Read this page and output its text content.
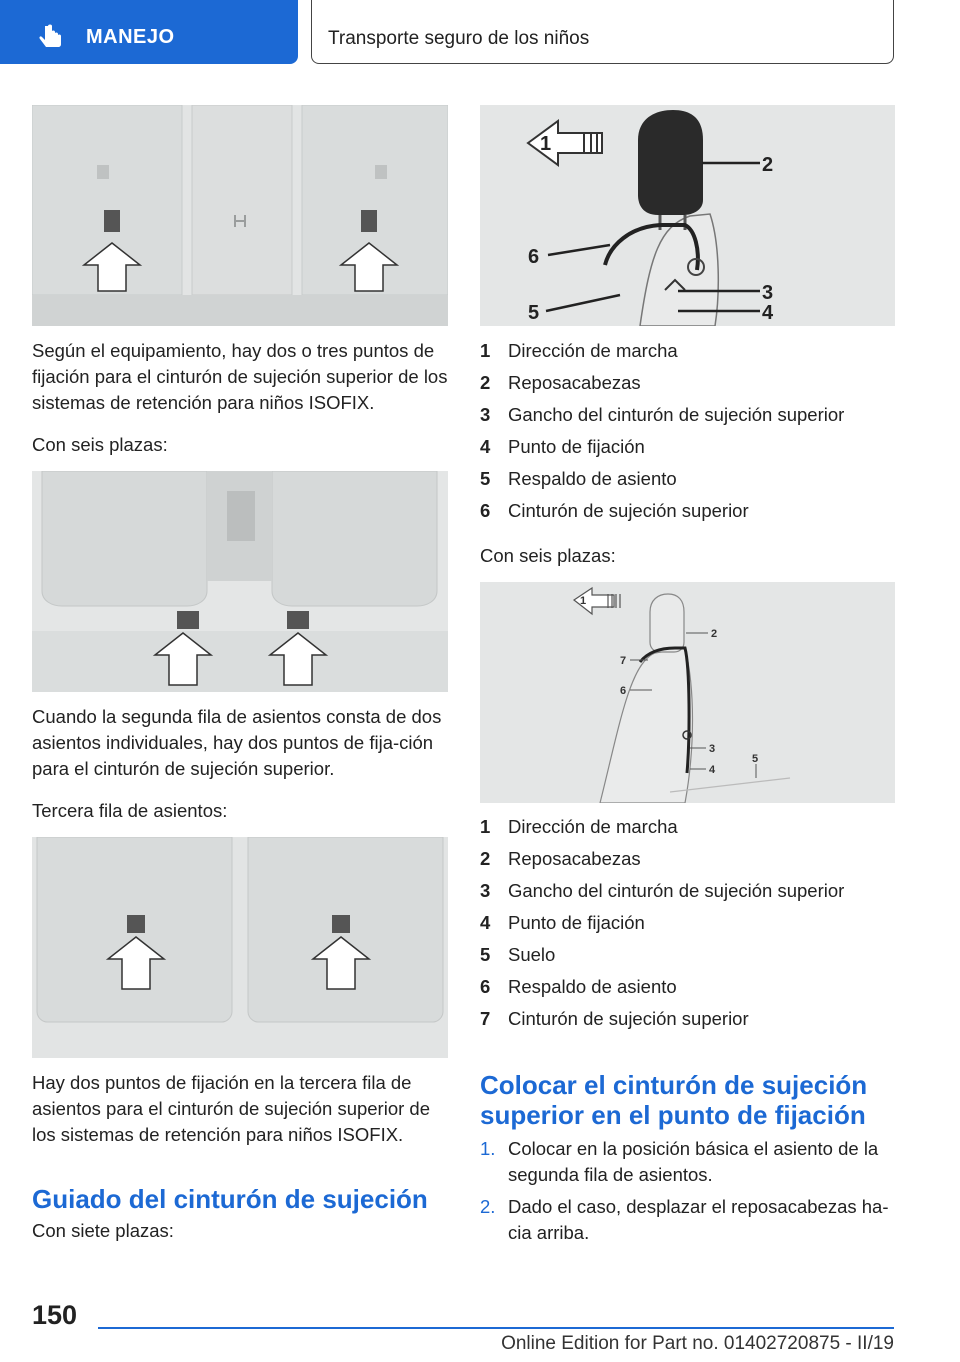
MANEJO	Transporte seguro de los niños

Según el equipamiento, hay dos o tres puntos de fijación para el cinturón de sujeción superior de los sistemas de retención para niños ISOFIX.

Con seis plazas:

Cuando la segunda fila de asientos consta de dos asientos individuales, hay dos puntos de fija-ción para el cinturón de sujeción superior.

Tercera fila de asientos:

Hay dos puntos de fijación en la tercera fila de asientos para el cinturón de sujeción superior de los sistemas de retención para niños ISOFIX.

Guiado del cinturón de sujeción

Con siete plazas:

1
2
3
4
5
6
1 Dirección de marcha
2 Reposacabezas
3 Gancho del cinturón de sujeción superior
4 Punto de fijación
5 Respaldo de asiento
6 Cinturón de sujeción superior

Con seis plazas:

1
2
3
4
5
6
7
1 Dirección de marcha
2 Reposacabezas
3 Gancho del cinturón de sujeción superior
4 Punto de fijación
5 Suelo
6 Respaldo de asiento
7 Cinturón de sujeción superior
Colocar el cinturón de sujeción superior en el punto de fijación
1. Colocar en la posición básica el asiento de la segunda fila de asientos.
2. Dado el caso, desplazar el reposacabezas ha-cia arriba.
150
Online Edition for Part no. 01402720875 - II/19
